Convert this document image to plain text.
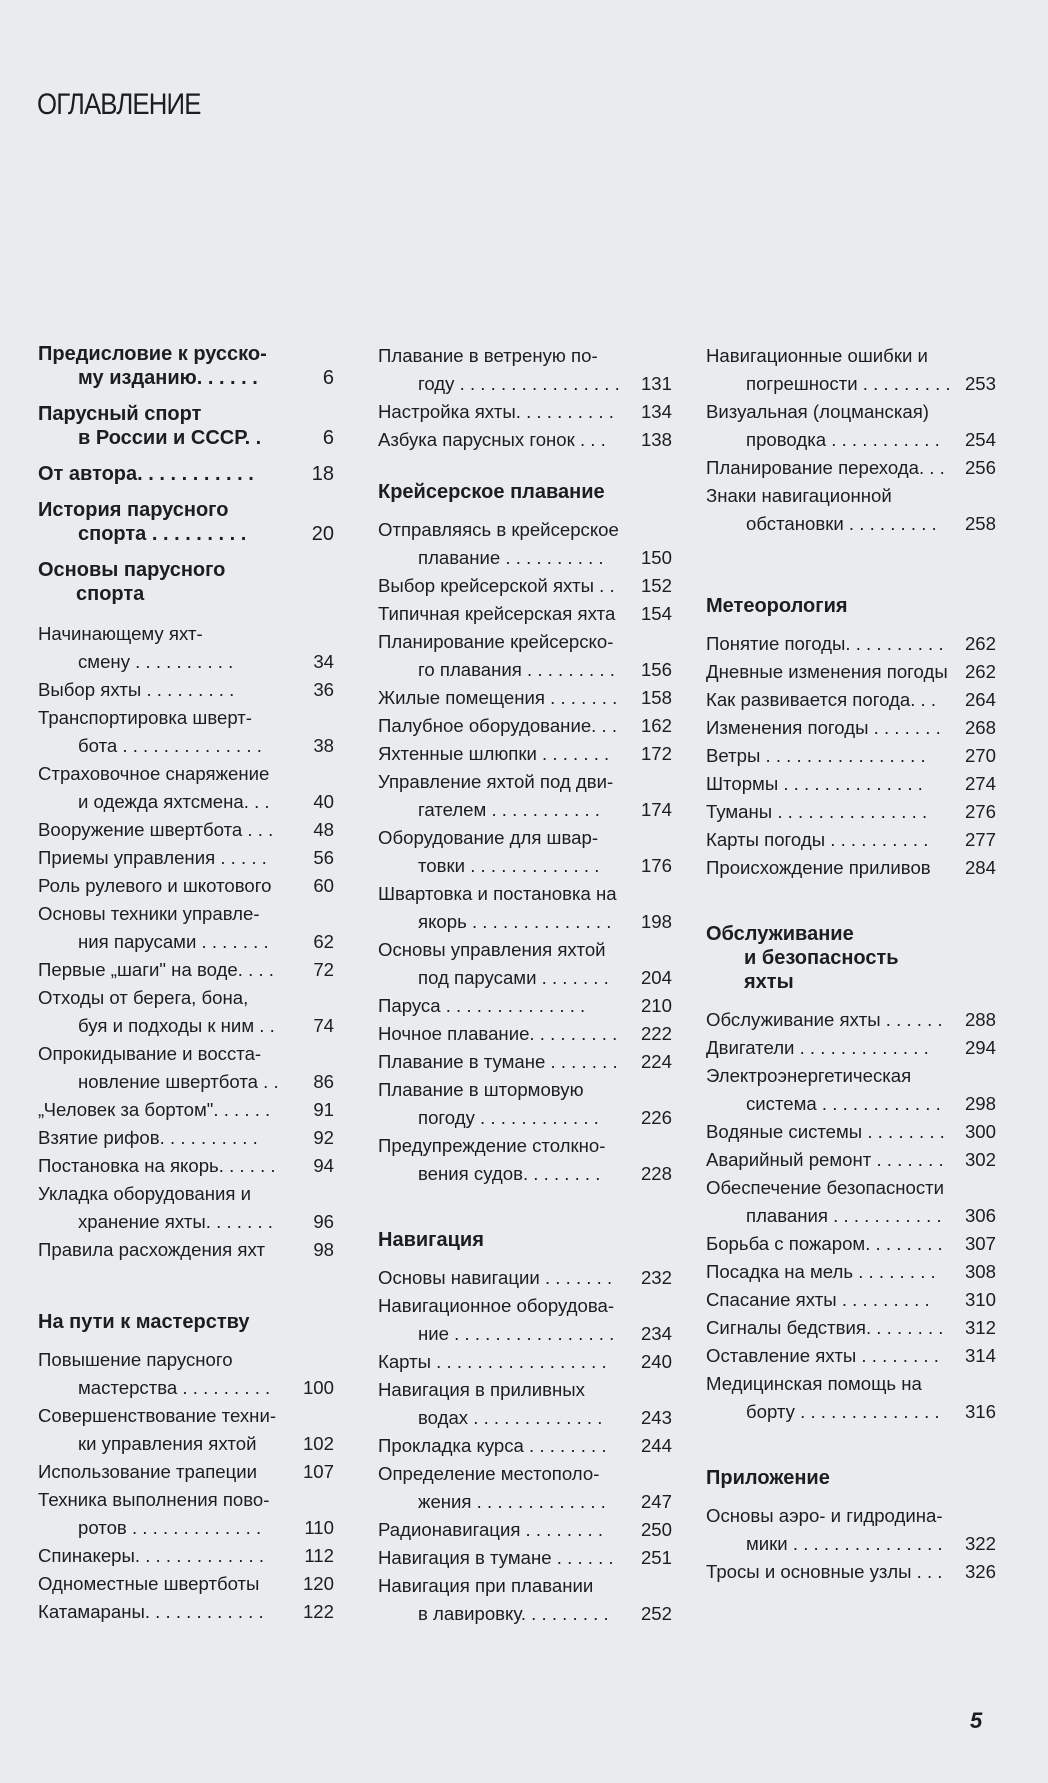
ОГЛАВЛЕНИЕ
Предисловие к русско-
му изданию. . . . . .	6
Парусный спорт
в России и СССР. .	6
От автора. . . . . . . . . . .	18
История парусного
спорта . . . . . . . . .	20
Основы парусного
спорта
Начинающему яхт-
смену . . . . . . . . . .	34
Выбор яхты . . . . . . . . .	36
Транспортировка шверт-
бота . . . . . . . . . . . . . .	38
Страховочное снаряжение
и одежда яхтсмена. . .	40
Вооружение швертбота . . .	48
Приемы управления . . . . .	56
Роль рулевого и шкотового	60
Основы техники управле-
ния парусами . . . . . . .	62
Первые „шаги" на воде. . . .	72
Отходы от берега, бона,
буя и подходы к ним . .	74
Опрокидывание и восста-
новление швертбота . .	86
„Человек за бортом". . . . . .	91
Взятие рифов. . . . . . . . . .	92
Постановка на якорь. . . . . .	94
Укладка оборудования и
хранение яхты. . . . . . .	96
Правила расхождения яхт	98
На пути к мастерству
Повышение парусного
мастерства . . . . . . . . .	100
Совершенствование техни-
ки управления яхтой	102
Использование трапеции	107
Техника выполнения пово-
ротов . . . . . . . . . . . . .	110
Спинакеры. . . . . . . . . . . . .	112
Одноместные швертботы	120
Катамараны. . . . . . . . . . . .	122
Плавание в ветреную по-
году . . . . . . . . . . . . . . . .	131
Настройка яхты. . . . . . . . . .	134
Азбука парусных гонок . . .	138
Крейсерское плавание
Отправляясь в крейсерское
плавание . . . . . . . . . .	150
Выбор крейсерской яхты . .	152
Типичная крейсерская яхта	154
Планирование крейсерско-
го плавания . . . . . . . . .	156
Жилые помещения . . . . . . .	158
Палубное оборудование. . .	162
Яхтенные шлюпки . . . . . . .	172
Управление яхтой под дви-
гателем . . . . . . . . . . .	174
Оборудование для швар-
товки . . . . . . . . . . . . .	176
Швартовка и постановка на
якорь . . . . . . . . . . . . . .	198
Основы управления яхтой
под парусами . . . . . . .	204
Паруса . . . . . . . . . . . . . .	210
Ночное плавание. . . . . . . . .	222
Плавание в тумане . . . . . . .	224
Плавание в штормовую
погоду . . . . . . . . . . . .	226
Предупреждение столкно-
вения судов. . . . . . . .	228
Навигация
Основы навигации . . . . . . .	232
Навигационное оборудова-
ние . . . . . . . . . . . . . . . .	234
Карты . . . . . . . . . . . . . . . . .	240
Навигация в приливных
водах . . . . . . . . . . . . .	243
Прокладка курса . . . . . . . .	244
Определение местополо-
жения . . . . . . . . . . . . .	247
Радионавигация . . . . . . . .	250
Навигация в тумане . . . . . .	251
Навигация при плавании
в лавировку. . . . . . . . .	252
Навигационные ошибки и
погрешности . . . . . . . . . 253
Визуальная (лоцманская)
проводка . . . . . . . . . . .	254
Планирование перехода. . .	256
Знаки навигационной
обстановки . . . . . . . . .	258
Метеорология
Понятие погоды. . . . . . . . . .	262
Дневные изменения погоды 262
Как развивается погода. . .	264
Изменения погоды . . . . . . .	268
Ветры . . . . . . . . . . . . . . . .	270
Штормы . . . . . . . . . . . . . .	274
Туманы . . . . . . . . . . . . . . .	276
Карты погоды . . . . . . . . . .	277
Происхождение приливов	284
Обслуживание
и безопасность
яхты
Обслуживание яхты . . . . . .	288
Двигатели . . . . . . . . . . . . .	294
Электроэнергетическая
система . . . . . . . . . . . .	298
Водяные системы . . . . . . . .	300
Аварийный ремонт . . . . . . .	302
Обеспечение безопасности
плавания . . . . . . . . . . .	306
Борьба с пожаром. . . . . . . .	307
Посадка на мель . . . . . . . .	308
Спасание яхты . . . . . . . . .	310
Сигналы бедствия. . . . . . . .	312
Оставление яхты . . . . . . . .	314
Медицинская помощь на
борту . . . . . . . . . . . . . .	316
Приложение
Основы аэро- и гидродина-
мики . . . . . . . . . . . . . . .	322
Тросы и основные узлы . . .	326
5
